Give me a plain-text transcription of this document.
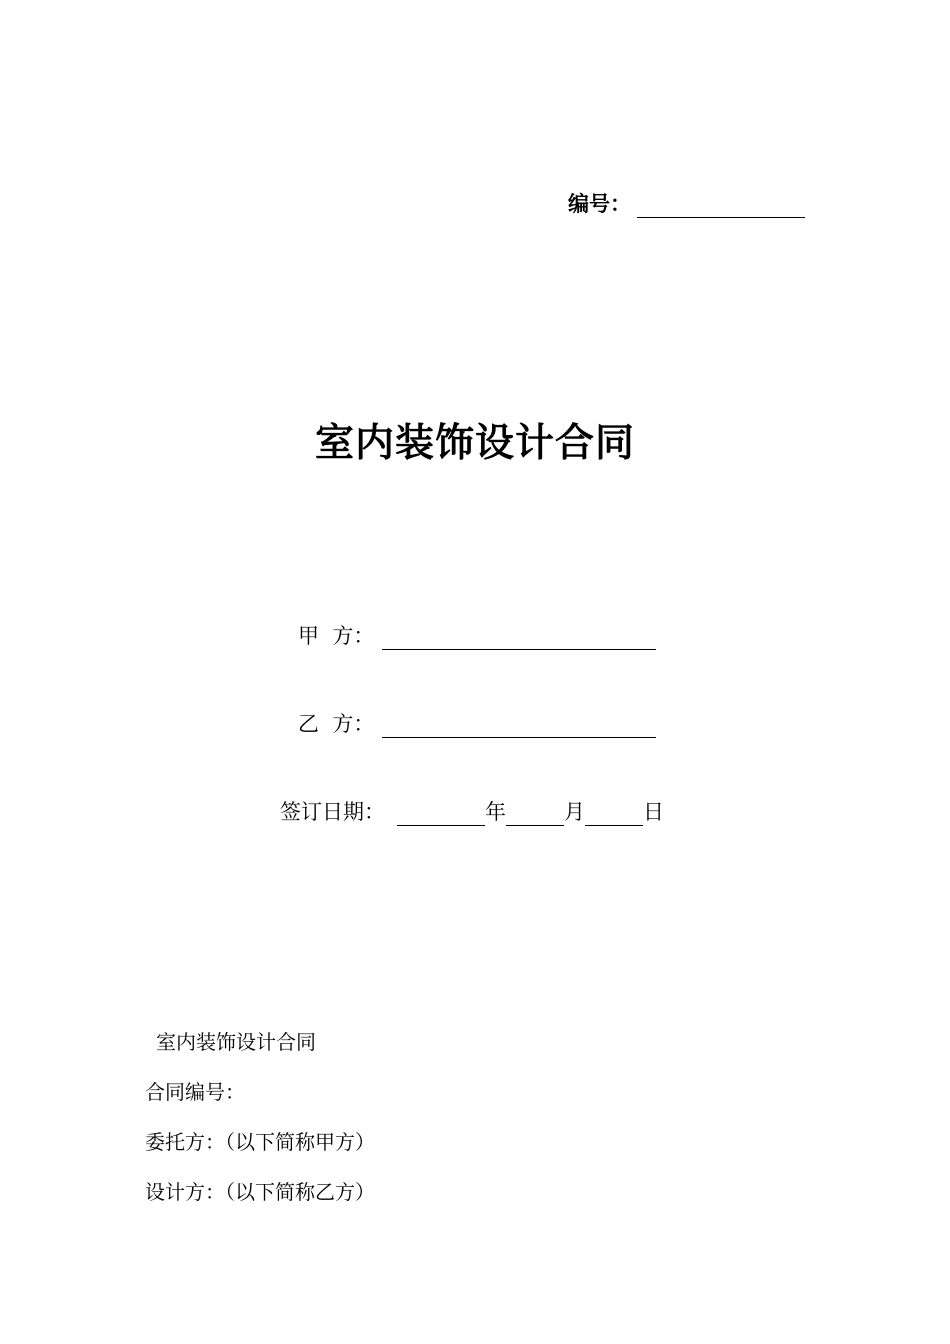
编号：
室内装饰设计合同
甲  方：
乙  方：
签订日期：	年	月	日
室内装饰设计合同
合同编号：
委托方：（以下简称甲方）
设计方：（以下简称乙方）
